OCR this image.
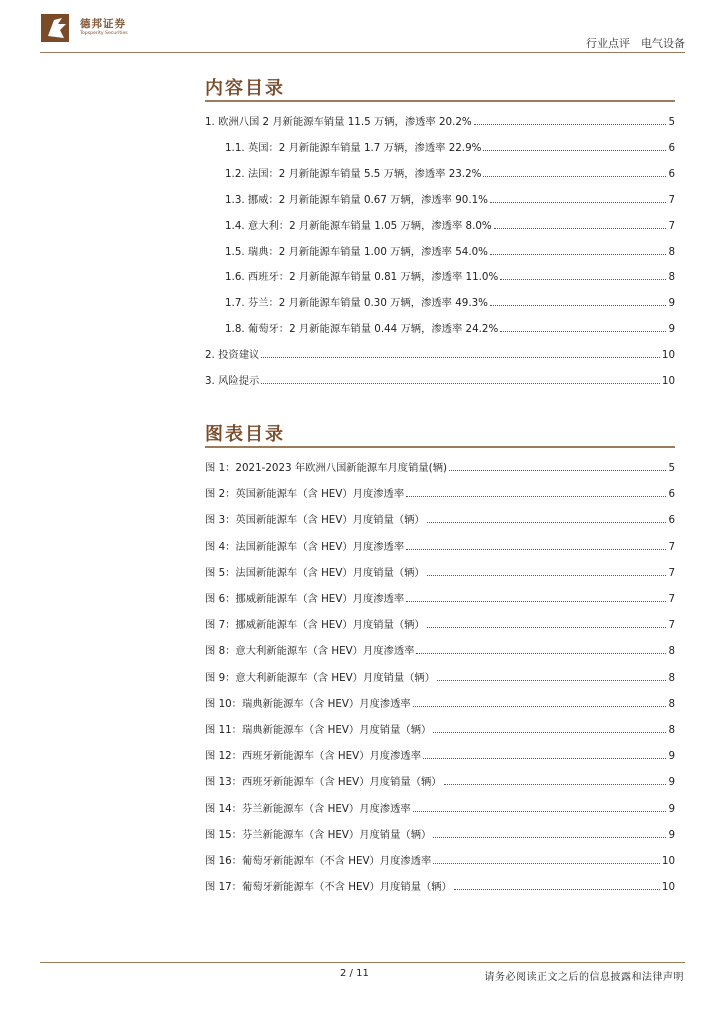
德邦证券
Topsperity Securities
行业点评　电气设备
内容目录
1. 欧洲八国 2 月新能源车销量 11.5 万辆，渗透率 20.2%	5
1.1. 英国：2 月新能源车销量 1.7 万辆，渗透率 22.9%	6
1.2. 法国：2 月新能源车销量 5.5 万辆，渗透率 23.2%	6
1.3. 挪威：2 月新能源车销量 0.67 万辆，渗透率 90.1%	7
1.4. 意大利：2 月新能源车销量 1.05 万辆，渗透率 8.0%	7
1.5. 瑞典：2 月新能源车销量 1.00 万辆，渗透率 54.0%	8
1.6. 西班牙：2 月新能源车销量 0.81 万辆，渗透率 11.0%	8
1.7. 芬兰：2 月新能源车销量 0.30 万辆，渗透率 49.3%	9
1.8. 葡萄牙：2 月新能源车销量 0.44 万辆，渗透率 24.2%	9
2. 投资建议	10
3. 风险提示	10
图表目录
图 1：2021-2023 年欧洲八国新能源车月度销量(辆)	5
图 2：英国新能源车（含 HEV）月度渗透率	6
图 3：英国新能源车（含 HEV）月度销量（辆）	6
图 4：法国新能源车（含 HEV）月度渗透率	7
图 5：法国新能源车（含 HEV）月度销量（辆）	7
图 6：挪威新能源车（含 HEV）月度渗透率	7
图 7：挪威新能源车（含 HEV）月度销量（辆）	7
图 8：意大利新能源车（含 HEV）月度渗透率	8
图 9：意大利新能源车（含 HEV）月度销量（辆）	8
图 10：瑞典新能源车（含 HEV）月度渗透率	8
图 11：瑞典新能源车（含 HEV）月度销量（辆）	8
图 12：西班牙新能源车（含 HEV）月度渗透率	9
图 13：西班牙新能源车（含 HEV）月度销量（辆）	9
图 14：芬兰新能源车（含 HEV）月度渗透率	9
图 15：芬兰新能源车（含 HEV）月度销量（辆）	9
图 16：葡萄牙新能源车（不含 HEV）月度渗透率	10
图 17：葡萄牙新能源车（不含 HEV）月度销量（辆）	10
2 / 11	请务必阅读正文之后的信息披露和法律声明
